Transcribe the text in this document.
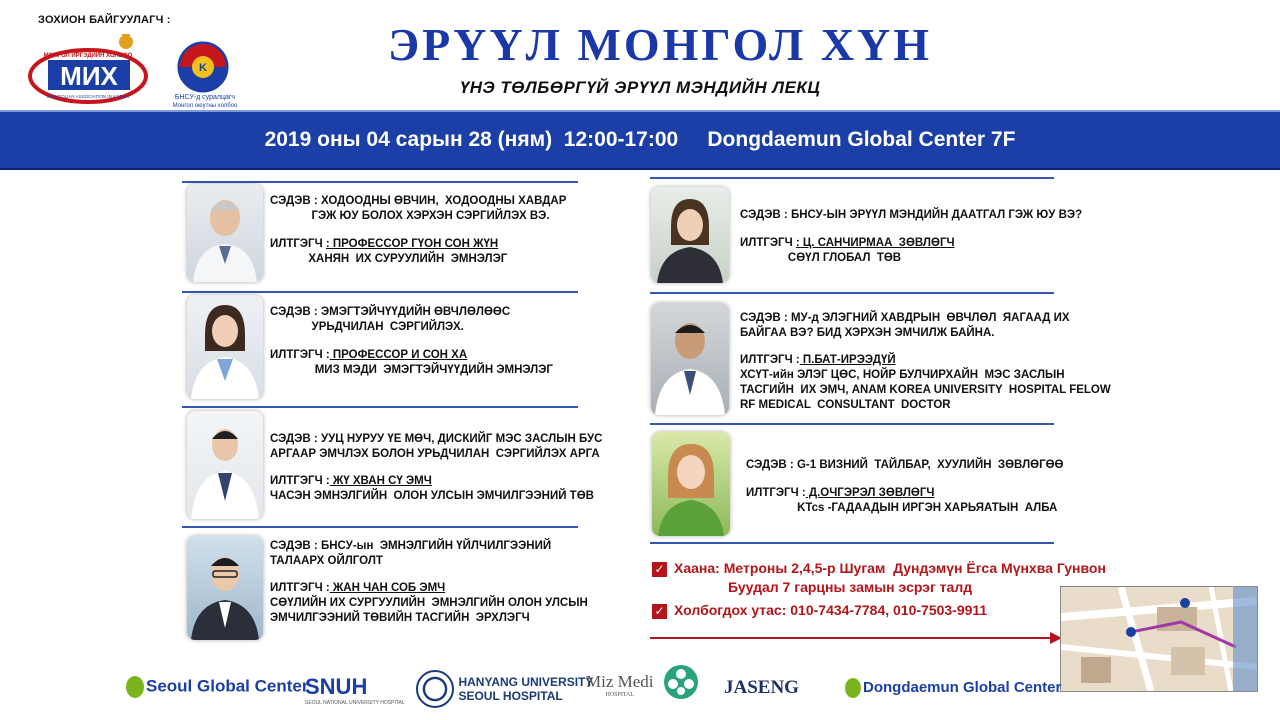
ЗОХИОН БАЙГУУЛАГЧ :
МИХ
МОНГОЛ ИРГЭДИЙН ХОЛБОО
MONGOLIAN ASSOCIATION IN KOREA
K
БНСУ-д суралцагч
Монгол оюутны холбоо
ЭРҮҮЛ МОНГОЛ ХҮН
ҮНЭ ТӨЛБӨРГҮЙ ЭРҮҮЛ МЭНДИЙН ЛЕКЦ
2019 оны 04 сарын 28 (ням)  12:00-17:00     Dongdaemun Global Center 7F
СЭДЭВ : ХОДООДНЫ ӨВЧИН,  ХОДООДНЫ ХАВДАР
ГЭЖ ЮУ БОЛОХ ХЭРХЭН СЭРГИЙЛЭХ ВЭ.
ИЛТГЭГЧ : ПРОФЕССОР ГҮОН СОН ЖҮН
ХАНЯН  ИХ СУРУУЛИЙН  ЭМНЭЛЭГ
СЭДЭВ : ЭМЭГТЭЙЧҮҮДИЙН ӨВЧЛӨЛӨӨС
УРЬДЧИЛАН  СЭРГИЙЛЭХ.
ИЛТГЭГЧ : ПРОФЕССОР И СОН ХА
МИЗ МЭДИ  ЭМЭГТЭЙЧҮҮДИЙН ЭМНЭЛЭГ
СЭДЭВ : УУЦ НУРУУ ҮЕ МӨЧ, ДИСКИЙГ МЭС ЗАСЛЫН БУС
АРГААР ЭМЧЛЭХ БОЛОН УРЬДЧИЛАН  СЭРГИЙЛЭХ АРГА
ИЛТГЭГЧ : ЖҮ ХВАН СҮ ЭМЧ
ЧАСЭН ЭМНЭЛГИЙН  ОЛОН УЛСЫН ЭМЧИЛГЭЭНИЙ ТӨВ
СЭДЭВ : БНСУ-ын  ЭМНЭЛГИЙН ҮЙЛЧИЛГЭЭНИЙ
ТАЛААРХ ОЙЛГОЛТ
ИЛТГЭГЧ : ЖАН ЧАН СОБ ЭМЧ
СӨҮЛИЙН ИХ СУРГУУЛИЙН  ЭМНЭЛГИЙН ОЛОН УЛСЫН
ЭМЧИЛГЭЭНИЙ ТӨВИЙН ТАСГИЙН  ЭРХЛЭГЧ
СЭДЭВ : БНСУ-ЫН ЭРҮҮЛ МЭНДИЙН ДААТГАЛ ГЭЖ ЮУ ВЭ?
ИЛТГЭГЧ : Ц. САНЧИРМАА  ЗӨВЛӨГЧ
СӨҮЛ ГЛОБАЛ  ТӨВ
СЭДЭВ : МУ-д ЭЛЭГНИЙ ХАВДРЫН  ӨВЧЛӨЛ  ЯАГААД ИХ
БАЙГАА ВЭ? БИД ХЭРХЭН ЭМЧИЛЖ БАЙНА.
ИЛТГЭГЧ : П.БАТ-ИРЭЭДҮЙ
ХСҮТ-ийн ЭЛЭГ ЦӨС, НОЙР БУЛЧИРХАЙН  МЭС ЗАСЛЫН
ТАСГИЙН  ИХ ЭМЧ, ANAM KOREA UNIVERSITY  HOSPITAL FELOW
RF MEDICAL  CONSULTANT  DOCTOR
СЭДЭВ : G-1 ВИЗНИЙ  ТАЙЛБАР,  ХУУЛИЙН  ЗӨВЛӨГӨӨ
ИЛТГЭГЧ : Д.ОЧГЭРЭЛ ЗӨВЛӨГЧ
KTcs -ГАДААДЫН ИРГЭН ХАРЬЯАТЫН  АЛБА
✓ Хаана: Метроны 2,4,5-р Шугам  Дундэмүн Ёгса Мүнхва Гунвон
Буудал 7 гарцны замын эсрэг талд
✓ Холбогдох утас: 010-7434-7784, 010-7503-9911
Seoul Global Center
SNUH
SEOUL NATIONAL UNIVERSITY HOSPITAL
HANYANG UNIVERSITY
SEOUL HOSPITAL
Miz Medi
HOSPITAL	JASENG	Dongdaemun Global Center
